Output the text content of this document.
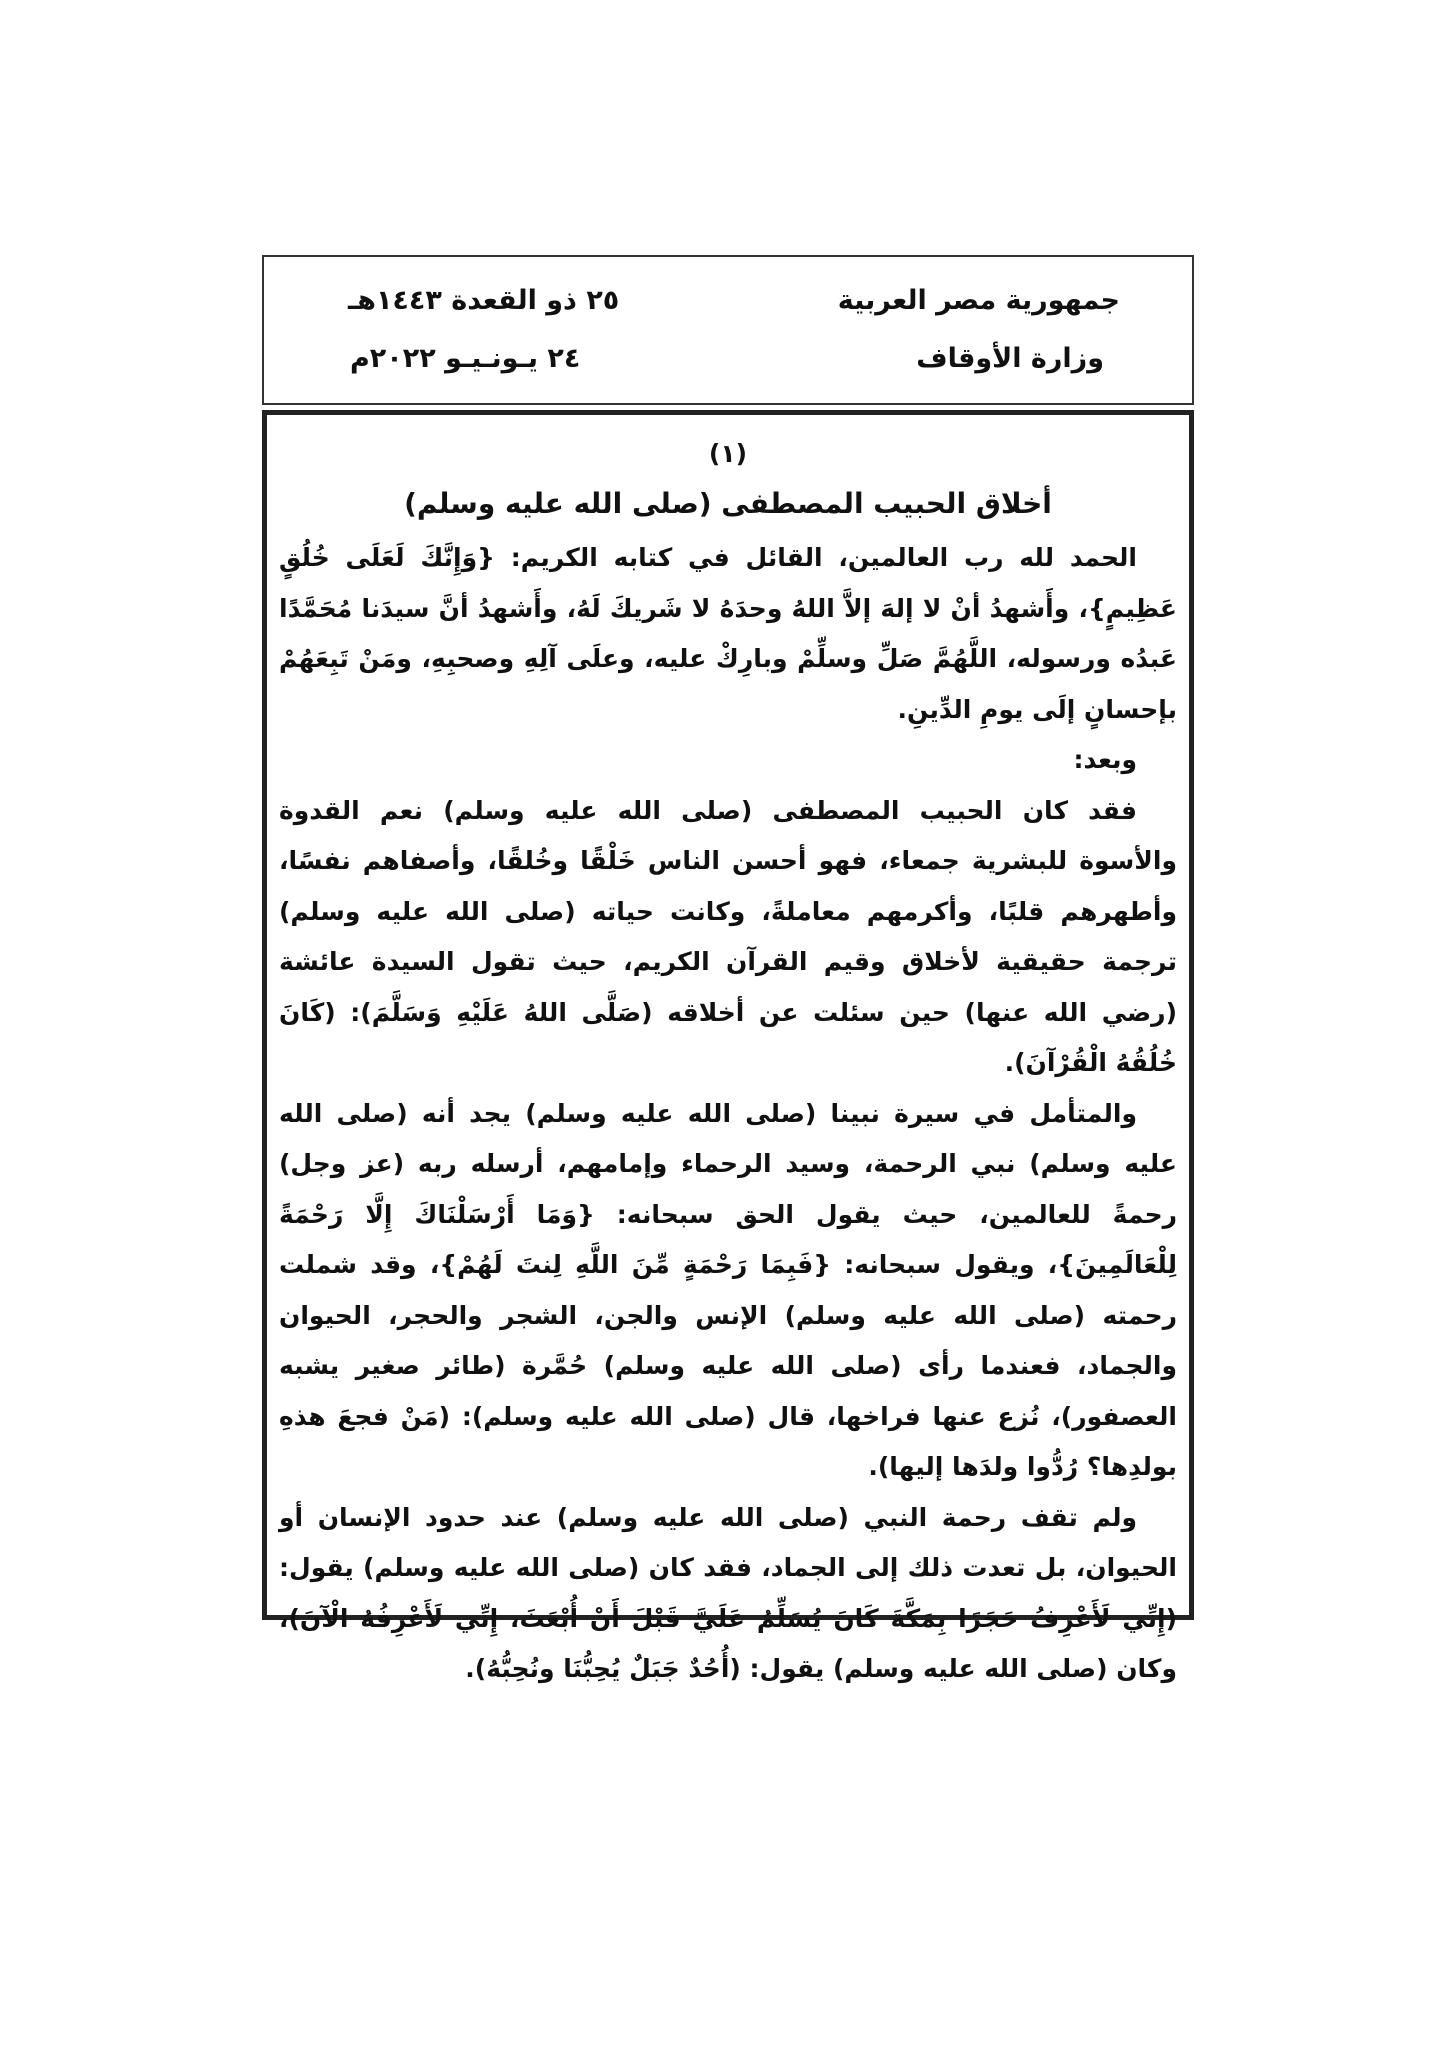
جمهورية مصر العربية
وزارة الأوقاف
٢٥ ذو القعدة ١٤٤٣هـ
٢٤ يـونـيـو ٢٠٢٢م
(١)
أخلاق الحبيب المصطفى (صلى الله عليه وسلم)

الحمد لله رب العالمين، القائل في كتابه الكريم: {وَإِنَّكَ لَعَلَى خُلُقٍ عَظِيمٍ}، وأَشهدُ أنْ لا إلهَ إلاَّ اللهُ وحدَهُ لا شَريكَ لَهُ، وأَشهدُ أنَّ سيدَنا مُحَمَّدًا عَبدُه ورسوله، اللَّهُمَّ صَلِّ وسلِّمْ وبارِكْ عليه، وعلَى آلِهِ وصحبِهِ، ومَنْ تَبِعَهُمْ بإحسانٍ إلَى يومِ الدِّينِ.

وبعد:

فقد كان الحبيب المصطفى (صلى الله عليه وسلم) نعم القدوة والأسوة للبشرية جمعاء، فهو أحسن الناس خَلْقًا وخُلقًا، وأصفاهم نفسًا، وأطهرهم قلبًا، وأكرمهم معاملةً، وكانت حياته (صلى الله عليه وسلم) ترجمة حقيقية لأخلاق وقيم القرآن الكريم، حيث تقول السيدة عائشة (رضي الله عنها) حين سئلت عن أخلاقه (صَلَّى اللهُ عَلَيْهِ وَسَلَّمَ): (كَانَ خُلُقُهُ الْقُرْآنَ).

والمتأمل في سيرة نبينا (صلى الله عليه وسلم) يجد أنه (صلى الله عليه وسلم) نبي الرحمة، وسيد الرحماء وإمامهم، أرسله ربه (عز وجل) رحمةً للعالمين، حيث يقول الحق سبحانه: {وَمَا أَرْسَلْنَاكَ إِلَّا رَحْمَةً لِلْعَالَمِينَ}، ويقول سبحانه: {فَبِمَا رَحْمَةٍ مِّنَ اللَّهِ لِنتَ لَهُمْ}، وقد شملت رحمته (صلى الله عليه وسلم) الإنس والجن، الشجر والحجر، الحيوان والجماد، فعندما رأى (صلى الله عليه وسلم) حُمَّرة (طائر صغير يشبه العصفور)، نُزع عنها فراخها، قال (صلى الله عليه وسلم): (مَنْ فجعَ هذهِ بولدِها؟ رُدُّوا ولدَها إليها).

ولم تقف رحمة النبي (صلى الله عليه وسلم) عند حدود الإنسان أو الحيوان، بل تعدت ذلك إلى الجماد، فقد كان (صلى الله عليه وسلم) يقول: (إِنِّي لَأَعْرِفُ حَجَرًا بِمَكَّةَ كَانَ يُسَلِّمُ عَلَيَّ قَبْلَ أَنْ أُبْعَثَ، إِنِّي لَأَعْرِفُهُ الْآنَ)، وكان (صلى الله عليه وسلم) يقول: (أُحُدٌ جَبَلٌ يُحِبُّنَا ونُحِبُّهُ).
